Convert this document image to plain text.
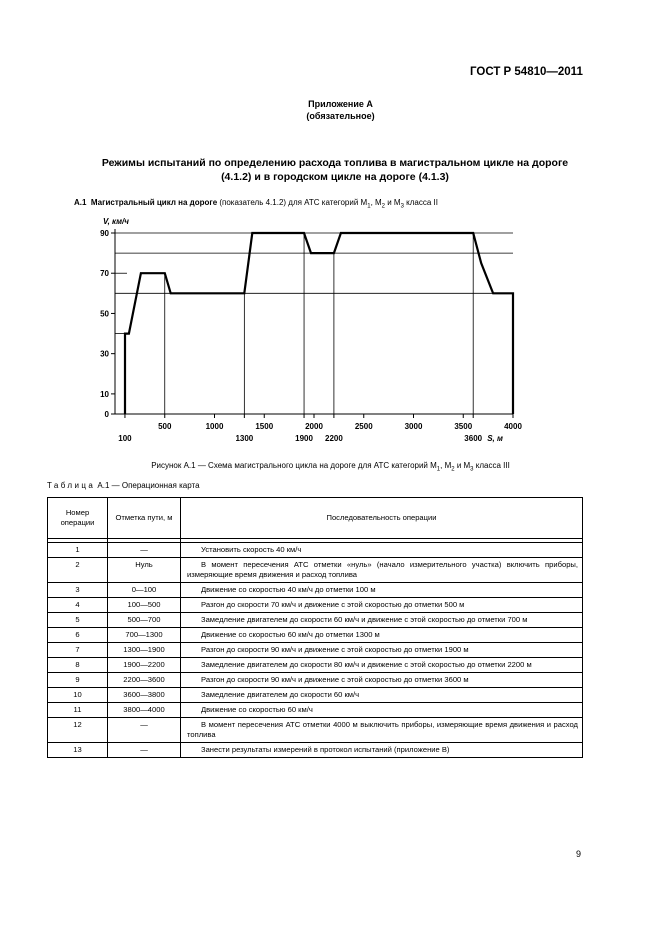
ГОСТ Р 54810—2011
Приложение А
(обязательное)
Режимы испытаний по определению расхода топлива в магистральном цикле на дороге
(4.1.2) и в городском цикле на дороге (4.1.3)
А.1 Магистральный цикл на дороге (показатель 4.1.2) для АТС категорий $М_1$, $М_2$ и $М_3$ класса II
0
10
30
50
70
90
V, км/ч
500	1000	1500	2000	2500	3000	3500	4000
100	1300	1900 2200	3600 S, м
Рисунок А.1 — Схема магистрального цикла на дороге для АТС категорий $М_1$, $М_2$ и $М_3$ класса III
Таблица А.1 — Операционная карта
Номер операции	Отметка пути, м	Последовательность операции

1	—	Установить скорость 40 км/ч

2	Нуль	В момент пересечения АТС отметки «нуль» (начало измерительного участка) включить приборы, измеряющие время движения и расход топлива

3	0—100	Движение со скоростью 40 км/ч до отметки 100 м

4	100—500	Разгон до скорости 70 км/ч и движение с этой скоростью до отметки 500 м

5	500—700	Замедление двигателем до скорости 60 км/ч и движение с этой скоростью до отметки 700 м

6	700—1300	Движение со скоростью 60 км/ч до отметки 1300 м

7	1300—1900	Разгон до скорости 90 км/ч и движение с этой скоростью до отметки 1900 м

8	1900—2200	Замедление двигателем до скорости 80 км/ч и движение с этой скоростью до отметки 2200 м

9	2200—3600	Разгон до скорости 90 км/ч и движение с этой скоростью до отметки 3600 м

10	3600—3800	Замедление двигателем до скорости 60 км/ч

11	3800—4000	Движение со скоростью 60 км/ч

12	—	В момент пересечения АТС отметки 4000 м выключить приборы, измеряющие время движения и расход топлива

13	—	Занести результаты измерений в протокол испытаний (приложение В)
9
